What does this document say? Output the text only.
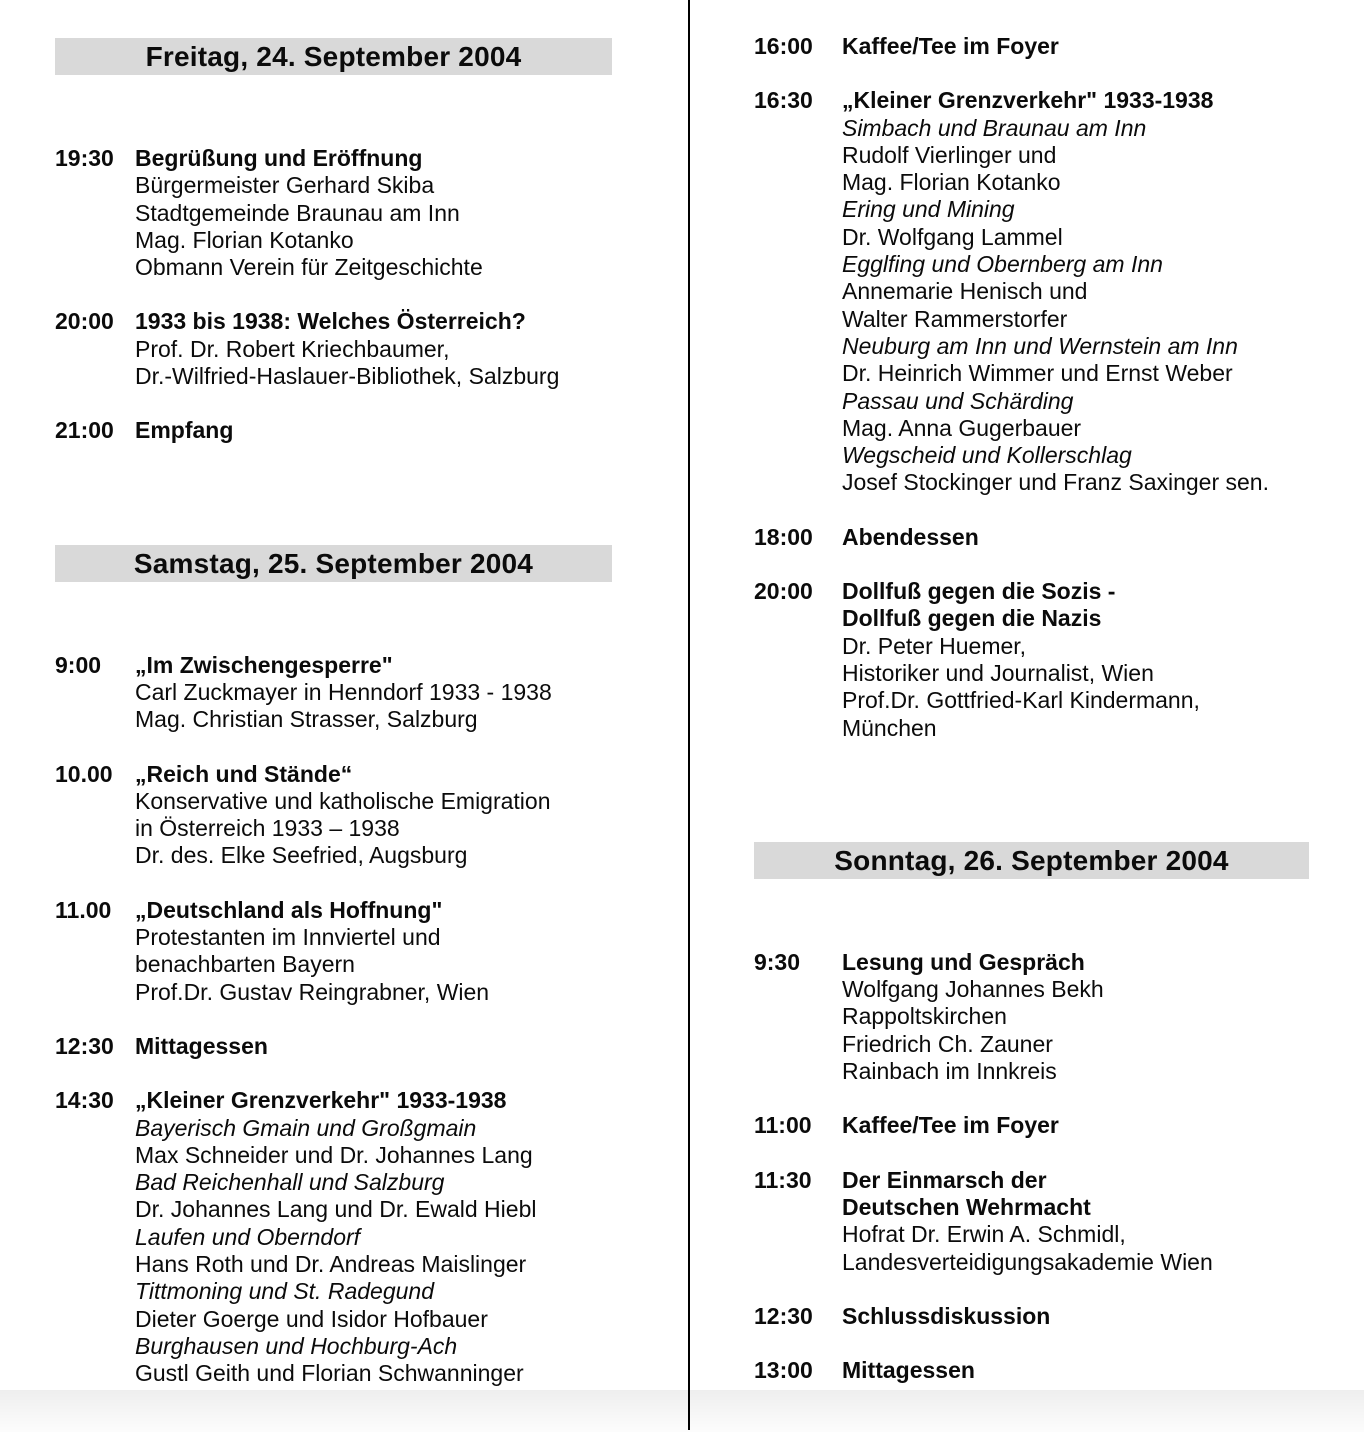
Freitag, 24. September 2004
19:30 Begrüßung und Eröffnung
Bürgermeister Gerhard Skiba
Stadtgemeinde Braunau am Inn
Mag. Florian Kotanko
Obmann Verein für Zeitgeschichte
20:00 1933 bis 1938: Welches Österreich?
Prof. Dr. Robert Kriechbaumer,
Dr.-Wilfried-Haslauer-Bibliothek, Salzburg
21:00 Empfang
Samstag, 25. September 2004
9:00	„Im Zwischengesperre"
Carl Zuckmayer in Henndorf 1933 - 1938
Mag. Christian Strasser, Salzburg
10.00 „Reich und Stände“
Konservative und katholische Emigration
in Österreich 1933 – 1938
Dr. des. Elke Seefried, Augsburg
11.00	„Deutschland als Hoffnung"
Protestanten im Innviertel und
benachbarten Bayern
Prof.Dr. Gustav Reingrabner, Wien
12:30 Mittagessen
14:30 „Kleiner Grenzverkehr" 1933-1938
Bayerisch Gmain und Großgmain
Max Schneider und Dr. Johannes Lang
Bad Reichenhall und Salzburg
Dr. Johannes Lang und Dr. Ewald Hiebl
Laufen und Oberndorf
Hans Roth und Dr. Andreas Maislinger
Tittmoning und St. Radegund
Dieter Goerge und Isidor Hofbauer
Burghausen und Hochburg-Ach
Gustl Geith und Florian Schwanninger
16:00	Kaffee/Tee im Foyer
16:30	„Kleiner Grenzverkehr" 1933-1938
Simbach und Braunau am Inn
Rudolf Vierlinger und
Mag. Florian Kotanko
Ering und Mining
Dr. Wolfgang Lammel
Egglfing und Obernberg am Inn
Annemarie Henisch und
Walter Rammerstorfer
Neuburg am Inn und Wernstein am Inn
Dr. Heinrich Wimmer und Ernst Weber
Passau und Schärding
Mag. Anna Gugerbauer
Wegscheid und Kollerschlag
Josef Stockinger und Franz Saxinger sen.
18:00	Abendessen
20:00	Dollfuß gegen die Sozis -
Dollfuß gegen die Nazis
Dr. Peter Huemer,
Historiker und Journalist, Wien
Prof.Dr. Gottfried-Karl Kindermann,
München
Sonntag, 26. September 2004
9:30	Lesung und Gespräch
Wolfgang Johannes Bekh
Rappoltskirchen
Friedrich Ch. Zauner
Rainbach im Innkreis
11:00	Kaffee/Tee im Foyer
11:30	Der Einmarsch der
Deutschen Wehrmacht
Hofrat Dr. Erwin A. Schmidl,
Landesverteidigungsakademie Wien
12:30	Schlussdiskussion
13:00	Mittagessen
